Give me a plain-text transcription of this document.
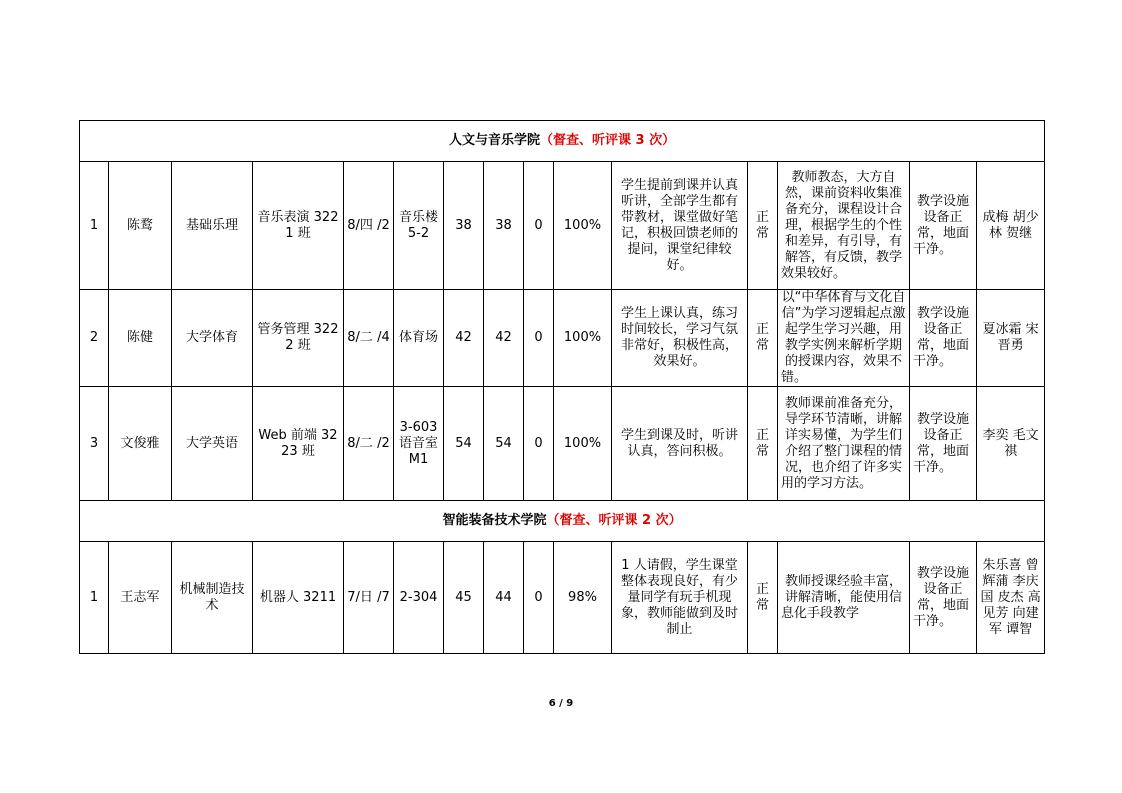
人文与音乐学院（督查、听评课 3 次）														
1	陈鹜	基础乐理	音乐表演 3221 班	8/四 /2	音乐楼 5-2	38	38	0	100%	学生提前到课并认真听讲，全部学生都有带教材，课堂做好笔记，积极回馈老师的提问，课堂纪律较好。	正常	教师教态，大方自然，课前资料收集准备充分，课程设计合理，根据学生的个性和差异，有引导，有解答，有反馈，教学效果较好。	教学设施设备正常，地面干净。	成梅 胡少林 贺继
2	陈健	大学体育	管务管理 3222 班	8/二 /4	体育场	42	42	0	100%	学生上课认真，练习时间较长，学习气氛非常好，积极性高，效果好。	正常	以“中华体育与文化自信”为学习逻辑起点激起学生学习兴趣，用教学实例来解析学期的授课内容，效果不错。	教学设施设备正常，地面干净。	夏冰霜 宋晋勇
3	文俊雅	大学英语	Web 前端 3223 班	8/二 /2	3-603 语音室 M1	54	54	0	100%	学生到课及时，听讲认真，答问积极。	正常	教师课前准备充分，导学环节清晰，讲解详实易懂，为学生们介绍了整门课程的情况，也介绍了许多实用的学习方法。	教学设施设备正常，地面干净。	李奕 毛文祺
智能装备技术学院（督查、听评课 2 次）														
1	王志军	机械制造技术	机器人 3211	7/日 /7	2-304	45	44	0	98%	1 人请假，学生课堂整体表现良好，有少量同学有玩手机现象，教师能做到及时制止	正常	教师授课经验丰富，讲解清晰，能使用信息化手段教学	教学设施设备正常，地面干净。	朱乐喜 曾辉蒲 李庆国 皮杰 高见芳 向建军 谭智
6 / 9
